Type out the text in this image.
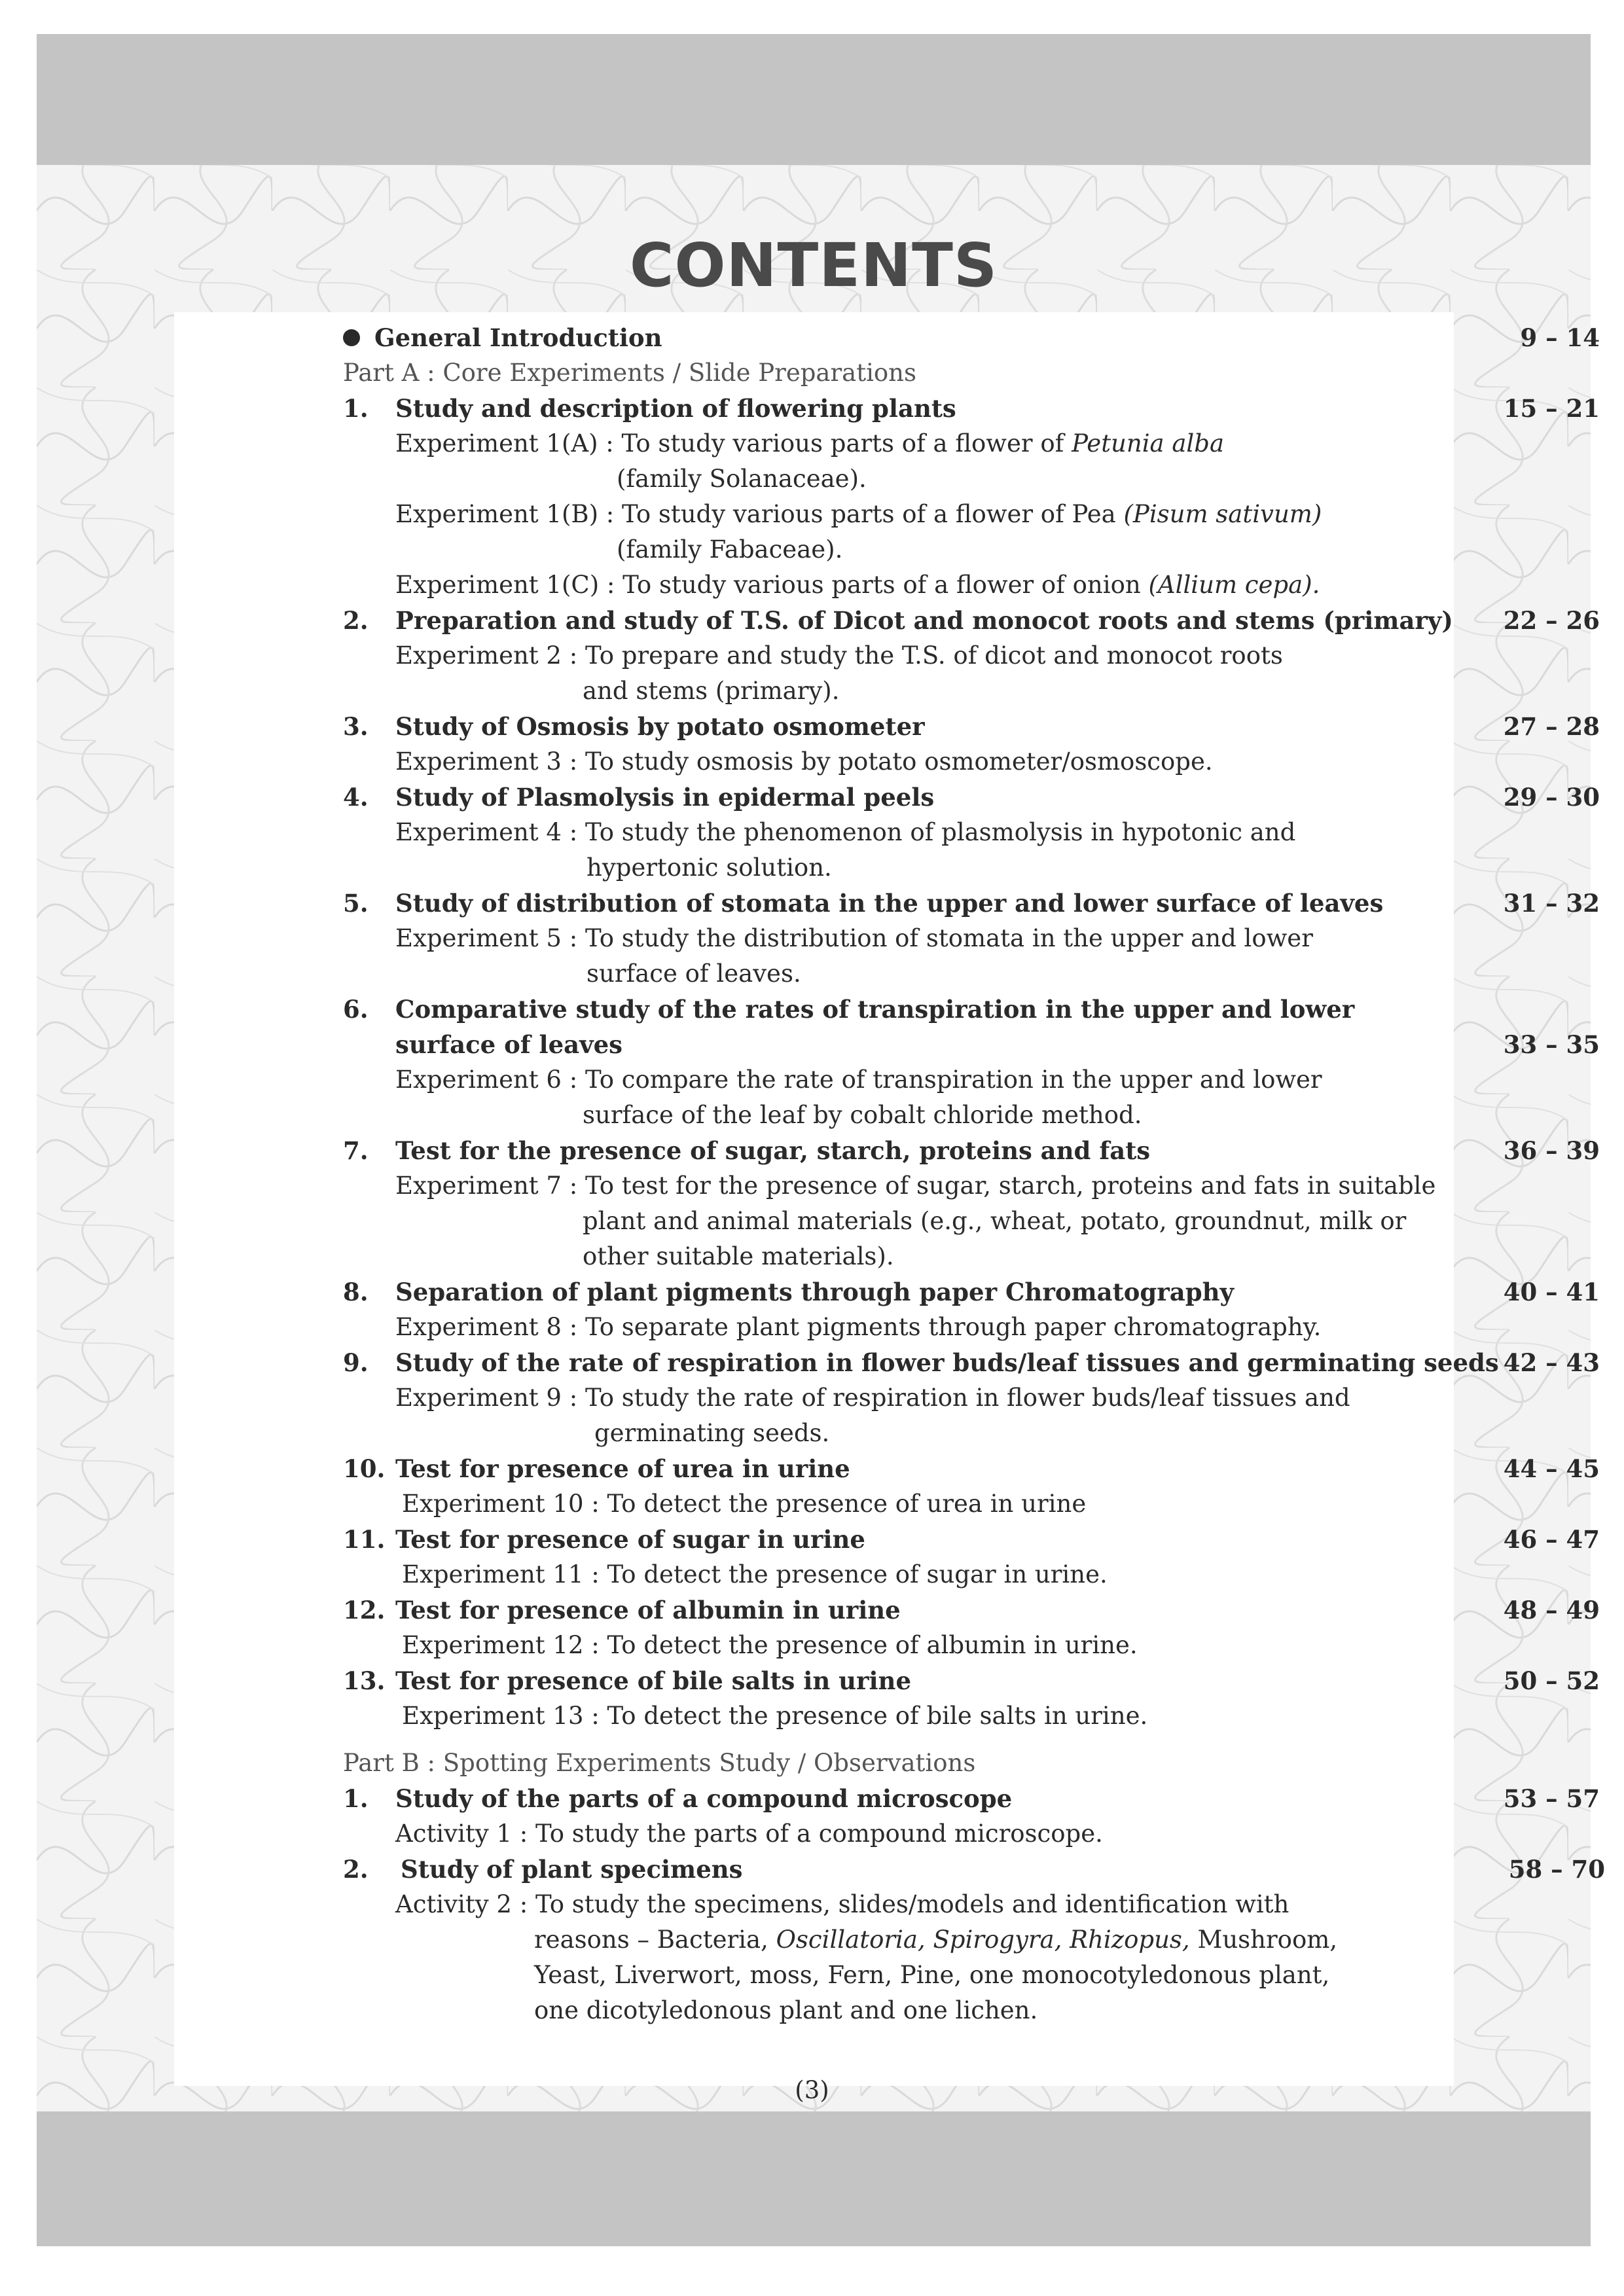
CONTENTS
General Introduction	9 – 14
Part A : Core Experiments / Slide Preparations
1. Study and description of flowering plants	15 – 21
Experiment 1(A) : To study various parts of a flower of Petunia alba
(family Solanaceae).
Experiment 1(B) : To study various parts of a flower of Pea (Pisum sativum)
(family Fabaceae).
Experiment 1(C) : To study various parts of a flower of onion (Allium cepa).
2. Preparation and study of T.S. of Dicot and monocot roots and stems (primary) 22 – 26
Experiment 2 : To prepare and study the T.S. of dicot and monocot roots
and stems (primary).
3. Study of Osmosis by potato osmometer	27 – 28
Experiment 3 : To study osmosis by potato osmometer/osmoscope.
4. Study of Plasmolysis in epidermal peels	29 – 30
Experiment 4 : To study the phenomenon of plasmolysis in hypotonic and
hypertonic solution.
5. Study of distribution of stomata in the upper and lower surface of leaves	31 – 32
Experiment 5 : To study the distribution of stomata in the upper and lower
surface of leaves.
6. Comparative study of the rates of transpiration in the upper and lower
surface of leaves	33 – 35
Experiment 6 : To compare the rate of transpiration in the upper and lower
surface of the leaf by cobalt chloride method.
7. Test for the presence of sugar, starch, proteins and fats	36 – 39
Experiment 7 : To test for the presence of sugar, starch, proteins and fats in suitable
plant and animal materials (e.g., wheat, potato, groundnut, milk or
other suitable materials).
8. Separation of plant pigments through paper Chromatography	40 – 41
Experiment 8 : To separate plant pigments through paper chromatography.
9. Study of the rate of respiration in flower buds/leaf tissues and germinating seeds 42 – 43
Experiment 9 : To study the rate of respiration in flower buds/leaf tissues and
germinating seeds.
10. Test for presence of urea in urine	44 – 45
Experiment 10 : To detect the presence of urea in urine
11. Test for presence of sugar in urine	46 – 47
Experiment 11 : To detect the presence of sugar in urine.
12. Test for presence of albumin in urine	48 – 49
Experiment 12 : To detect the presence of albumin in urine.
13. Test for presence of bile salts in urine	50 – 52
Experiment 13 : To detect the presence of bile salts in urine.
Part B : Spotting Experiments Study / Observations
1. Study of the parts of a compound microscope	53 – 57
Activity 1 : To study the parts of a compound microscope.
2. Study of plant specimens	58 – 70
Activity 2 : To study the specimens, slides/models and identification with
reasons – Bacteria, Oscillatoria, Spirogyra, Rhizopus, Mushroom,
Yeast, Liverwort, moss, Fern, Pine, one monocotyledonous plant,
one dicotyledonous plant and one lichen.
(3)
